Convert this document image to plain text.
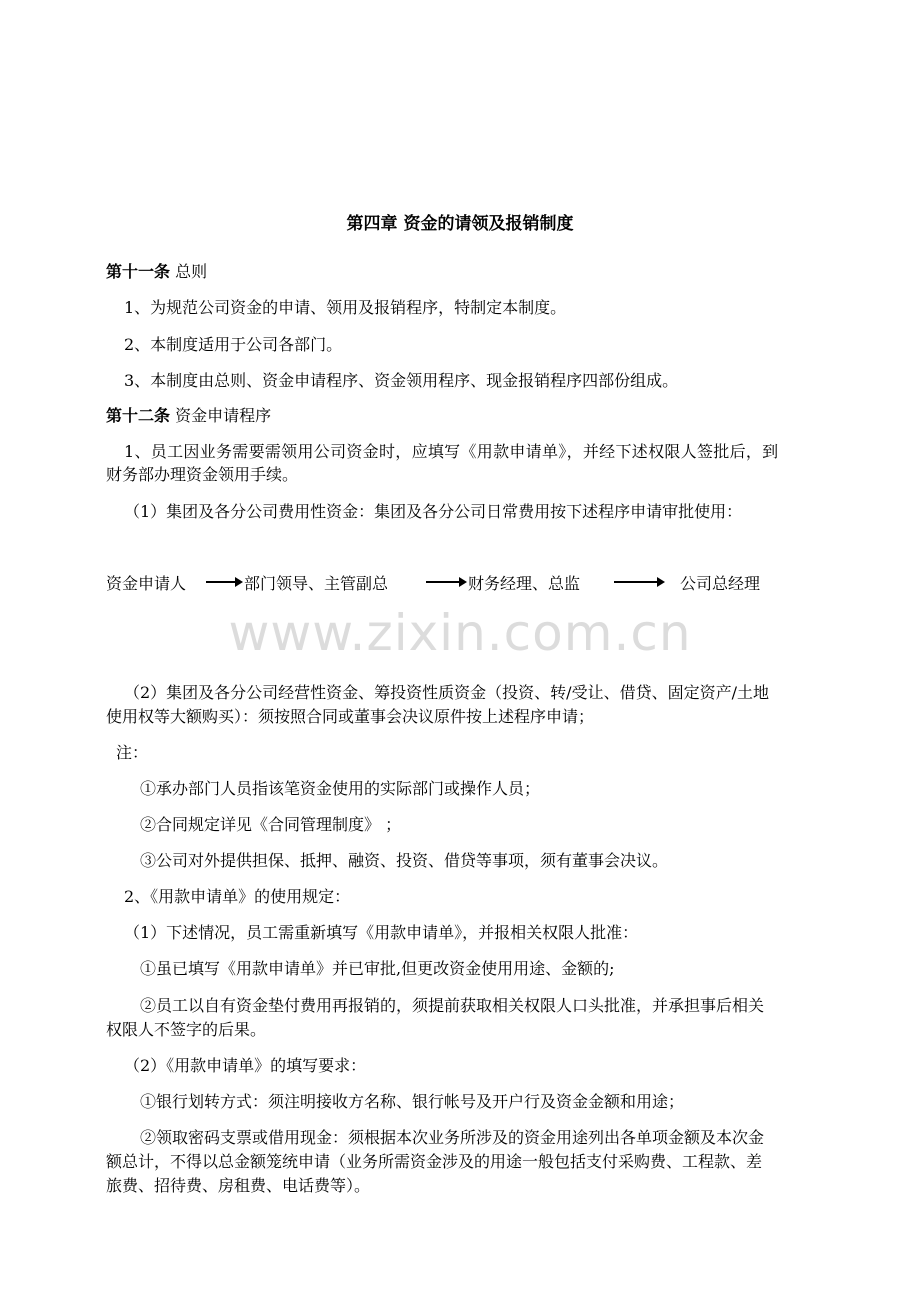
第四章 资金的请领及报销制度
第十一条 总则
1、为规范公司资金的申请、领用及报销程序，特制定本制度。
2、本制度适用于公司各部门。
3、本制度由总则、资金申请程序、资金领用程序、现金报销程序四部份组成。
第十二条 资金申请程序
1、员工因业务需要需领用公司资金时，应填写《用款申请单》，并经下述权限人签批后，到
财务部办理资金领用手续。
（1）集团及各分公司费用性资金：集团及各分公司日常费用按下述程序申请审批使用：
资金申请人	部门领导、主管副总	财务经理、总监	公司总经理
www.zixin.com.cn
（2）集团及各分公司经营性资金、筹投资性质资金（投资、转/受让、借贷、固定资产/土地
使用权等大额购买）：须按照合同或董事会决议原件按上述程序申请；
注：
①承办部门人员指该笔资金使用的实际部门或操作人员；
②合同规定详见《合同管理制度》 ；
③公司对外提供担保、抵押、融资、投资、借贷等事项，须有董事会决议。
2、《用款申请单》的使用规定：
（1）下述情况，员工需重新填写《用款申请单》，并报相关权限人批准：
①虽已填写《用款申请单》并已审批,但更改资金使用用途、金额的;
②员工以自有资金垫付费用再报销的，须提前获取相关权限人口头批准，并承担事后相关
权限人不签字的后果。
（2）《用款申请单》的填写要求：
①银行划转方式：须注明接收方名称、银行帐号及开户行及资金金额和用途；
②领取密码支票或借用现金：须根据本次业务所涉及的资金用途列出各单项金额及本次金
额总计，不得以总金额笼统申请（业务所需资金涉及的用途一般包括支付采购费、工程款、差
旅费、招待费、房租费、电话费等）。
